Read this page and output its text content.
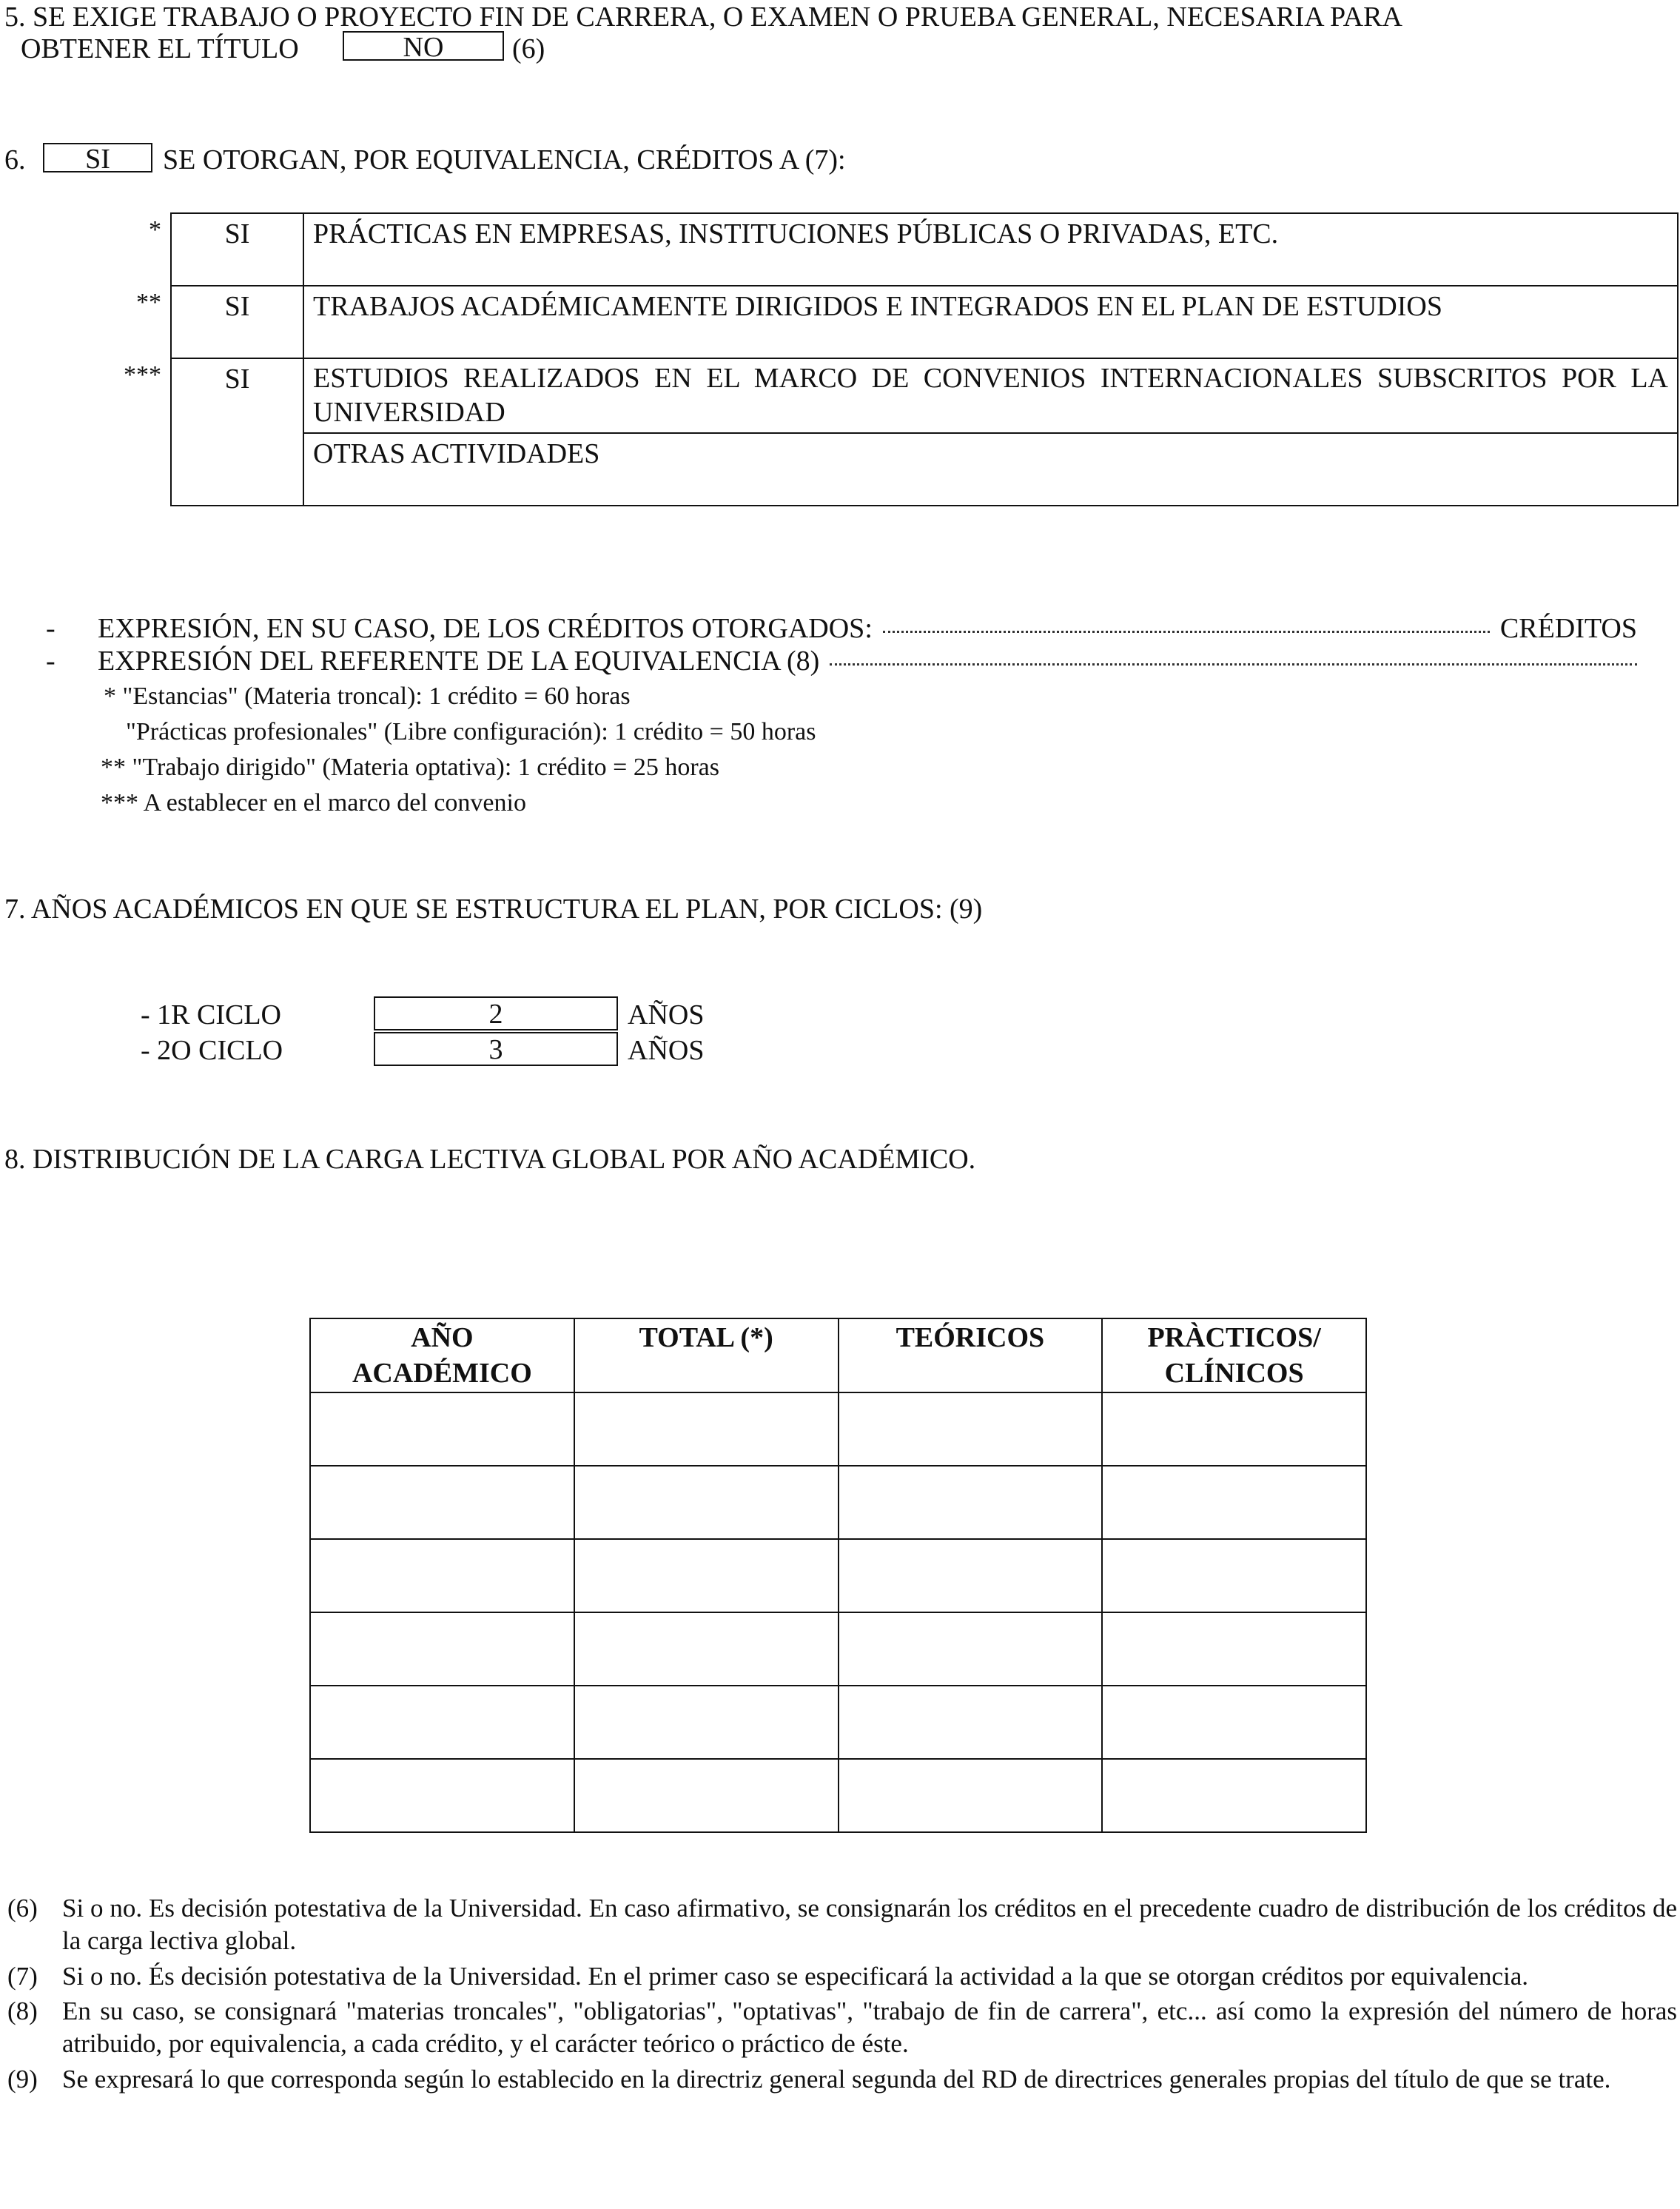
5. SE EXIGE TRABAJO O PROYECTO FIN DE CARRERA, O EXAMEN O PRUEBA GENERAL, NECESARIA PARA
OBTENER EL TÍTULO	NO	(6)
6.	SI	SE OTORGAN, POR EQUIVALENCIA, CRÉDITOS A (7):
*
**
***
SI	PRÁCTICAS EN EMPRESAS, INSTITUCIONES PÚBLICAS O PRIVADAS, ETC.
SI	TRABAJOS ACADÉMICAMENTE DIRIGIDOS E INTEGRADOS EN EL PLAN DE ESTUDIOS
SI	ESTUDIOS REALIZADOS EN EL MARCO DE CONVENIOS INTERNACIONALES SUBSCRITOS POR LA UNIVERSIDAD
	OTRAS ACTIVIDADES
- EXPRESIÓN, EN SU CASO, DE LOS CRÉDITOS OTORGADOS:	CRÉDITOS
- EXPRESIÓN DEL REFERENTE DE LA EQUIVALENCIA (8)
* "Estancias" (Materia troncal): 1 crédito = 60 horas
"Prácticas profesionales" (Libre configuración): 1 crédito = 50 horas
** "Trabajo dirigido" (Materia optativa): 1 crédito = 25 horas
*** A establecer en el marco del convenio
7. AÑOS ACADÉMICOS EN QUE SE ESTRUCTURA EL PLAN, POR CICLOS: (9)
- 1R CICLO	2	AÑOS
- 2O CICLO	3	AÑOS
8. DISTRIBUCIÓN DE LA CARGA LECTIVA GLOBAL POR AÑO ACADÉMICO.
AÑO
ACADÉMICO	TOTAL (*)	TEÓRICOS	PRÀCTICOS/
CLÍNICOS

(6) Si o no. Es decisión potestativa de la Universidad. En caso afirmativo, se consignarán los créditos en el precedente cuadro de distribución de los créditos de la carga lectiva global.
(7) Si o no. És decisión potestativa de la Universidad. En el primer caso se especificará la actividad a la que se otorgan créditos por equivalencia.
(8) En su caso, se consignará "materias troncales", "obligatorias", "optativas", "trabajo de fin de carrera", etc... así como la expresión del número de horas atribuido, por equivalencia, a cada crédito, y el carácter teórico o práctico de éste.
(9) Se expresará lo que corresponda según lo establecido en la directriz general segunda del RD de directrices generales propias del título de que se trate.
